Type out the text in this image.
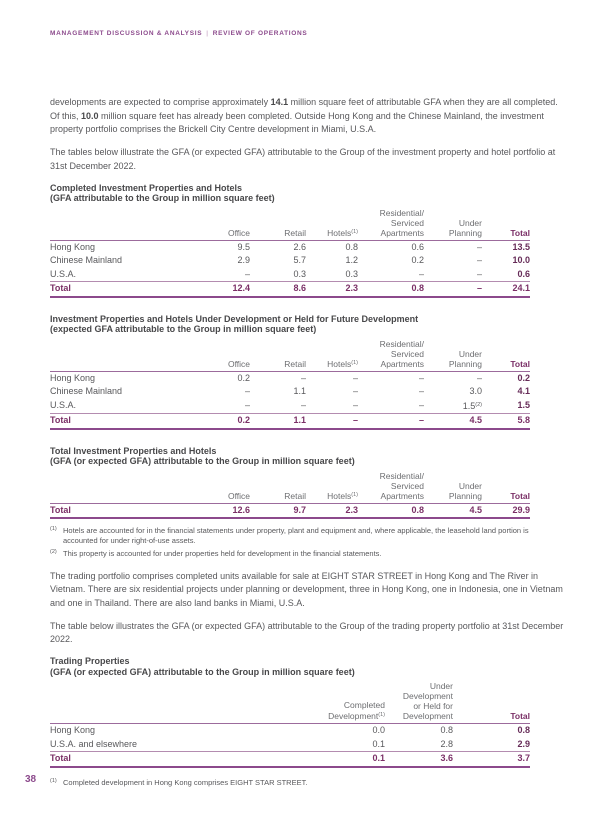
MANAGEMENT DISCUSSION & ANALYSIS | REVIEW OF OPERATIONS

developments are expected to comprise approximately 14.1 million square feet of attributable GFA when they are all completed. Of this, 10.0 million square feet has already been completed. Outside Hong Kong and the Chinese Mainland, the investment property portfolio comprises the Brickell City Centre development in Miami, U.S.A.

The tables below illustrate the GFA (or expected GFA) attributable to the Group of the investment property and hotel portfolio at 31st December 2022.

Completed Investment Properties and Hotels
(GFA attributable to the Group in million square feet)
Office	Retail	Hotels$^{(1)}$
Residential/
Serviced
Apartments
Under
Planning	Total
Hong Kong	9.5	2.6	0.8	0.6	–	13.5
Chinese Mainland	2.9	5.7	1.2	0.2	–	10.0
U.S.A.	–	0.3	0.3	–	–	0.6
Total	12.4	8.6	2.3	0.8	–	24.1
Investment Properties and Hotels Under Development or Held for Future Development
(expected GFA attributable to the Group in million square feet)
Office	Retail	Hotels$^{(1)}$
Residential/
Serviced
Apartments
Under
Planning	Total
Hong Kong	0.2	–	–	–	–	0.2
Chinese Mainland	–	1.1	–	–	3.0	4.1
U.S.A.	–	–	–	–	1.5$^{(2)}$	1.5
Total	0.2	1.1	–	–	4.5	5.8
Total Investment Properties and Hotels
(GFA (or expected GFA) attributable to the Group in million square feet)
Office	Retail	Hotels$^{(1)}$
Residential/
Serviced
Apartments
Under
Planning	Total
Total	12.6	9.7	2.3	0.8	4.5	29.9
(1) Hotels are accounted for in the financial statements under property, plant and equipment and, where applicable, the leasehold land portion is accounted for under right-of-use assets.
(2) This property is accounted for under properties held for development in the financial statements.

The trading portfolio comprises completed units available for sale at EIGHT STAR STREET in Hong Kong and The River in Vietnam. There are six residential projects under planning or development, three in Hong Kong, one in Indonesia, one in Vietnam and one in Thailand. There are also land banks in Miami, U.S.A.

The table below illustrates the GFA (or expected GFA) attributable to the Group of the trading property portfolio at 31st December 2022.

Trading Properties
(GFA (or expected GFA) attributable to the Group in million square feet)
Completed
Development$^{(1)}$
Under
Development
or Held for
Development	Total
Hong Kong	0.0	0.8	0.8
U.S.A. and elsewhere	0.1	2.8	2.9
Total	0.1	3.6	3.7
(1) Completed development in Hong Kong comprises EIGHT STAR STREET.
38
